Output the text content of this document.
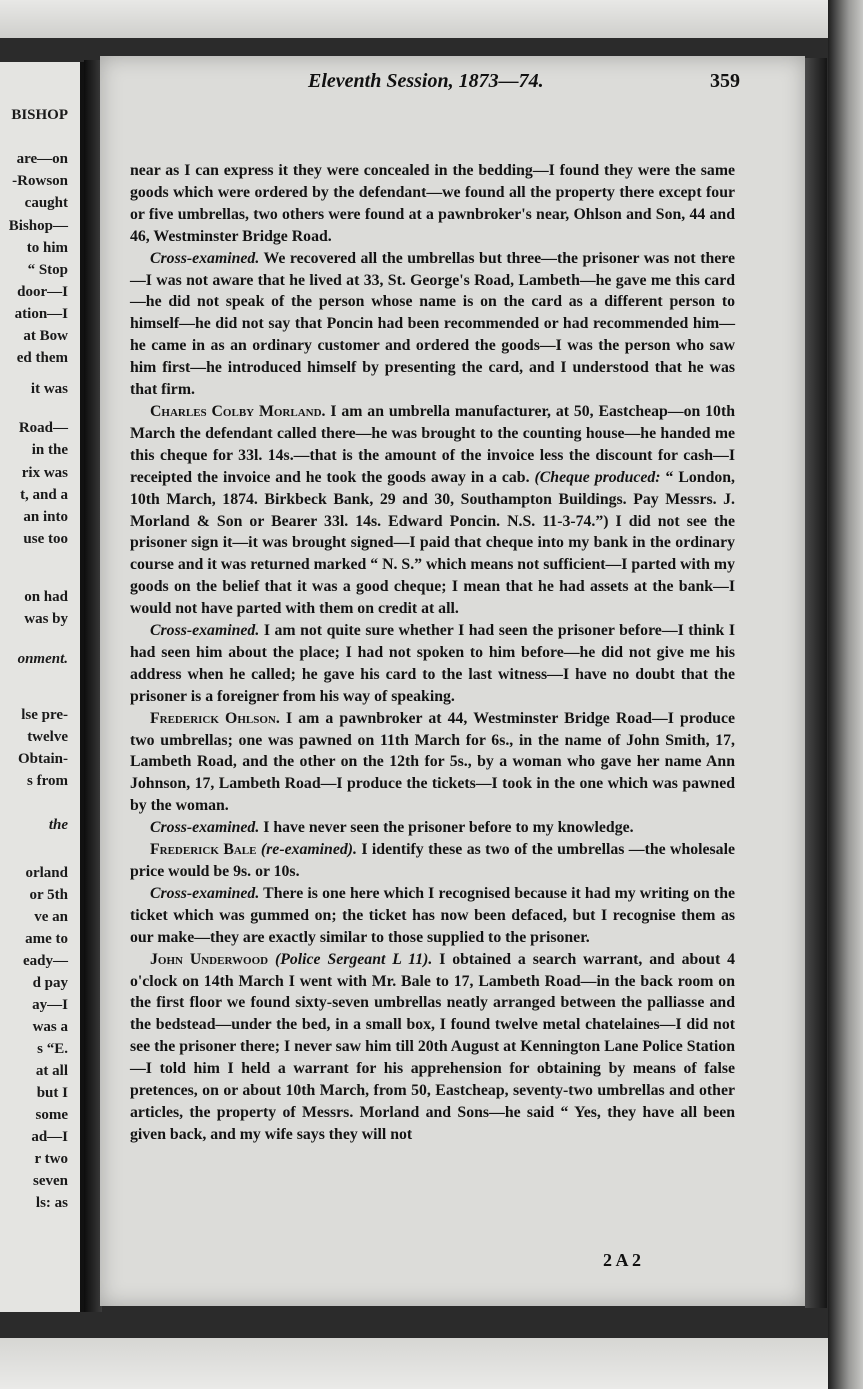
BISHOP
are—on
-Rowson
caught
Bishop—
to him
“ Stop
door—I
ation—I
at Bow
ed them
it was
Road—
in the
rix was
t, and a
an into
use too
on had
was by
onment.
lse pre-
twelve
Obtain-
s from
the
orland
or 5th
ve an
ame to
eady—
d pay
ay—I
was a
s “E.
at all
but I
some
ad—I
r two
seven
ls: as
Eleventh Session, 1873—74.	359

near as I can express it they were concealed in the bedding—I found they were the same goods which were ordered by the defendant—we found all the property there except four or five umbrellas, two others were found at a pawnbroker's near, Ohlson and Son, 44 and 46, Westminster Bridge Road.

Cross-examined. We recovered all the umbrellas but three—the prisoner was not there—I was not aware that he lived at 33, St. George's Road, Lambeth—he gave me this card—he did not speak of the person whose name is on the card as a different person to himself—he did not say that Poncin had been recommended or had recommended him—he came in as an ordinary customer and ordered the goods—I was the person who saw him first—he introduced himself by presenting the card, and I understood that he was that firm.

Charles Colby Morland. I am an umbrella manufacturer, at 50, Eastcheap—on 10th March the defendant called there—he was brought to the counting house—he handed me this cheque for 33l. 14s.—that is the amount of the invoice less the discount for cash—I receipted the invoice and he took the goods away in a cab. (Cheque produced: “ London, 10th March, 1874. Birkbeck Bank, 29 and 30, Southampton Buildings. Pay Messrs. J. Morland & Son or Bearer 33l. 14s. Edward Poncin. N.S. 11-3-74.”) I did not see the prisoner sign it—it was brought signed—I paid that cheque into my bank in the ordinary course and it was returned marked “ N. S.” which means not sufficient—I parted with my goods on the belief that it was a good cheque; I mean that he had assets at the bank—I would not have parted with them on credit at all.

Cross-examined. I am not quite sure whether I had seen the prisoner before—I think I had seen him about the place; I had not spoken to him before—he did not give me his address when he called; he gave his card to the last witness—I have no doubt that the prisoner is a foreigner from his way of speaking.

Frederick Ohlson. I am a pawnbroker at 44, Westminster Bridge Road—I produce two umbrellas; one was pawned on 11th March for 6s., in the name of John Smith, 17, Lambeth Road, and the other on the 12th for 5s., by a woman who gave her name Ann Johnson, 17, Lambeth Road—I produce the tickets—I took in the one which was pawned by the woman.

Cross-examined. I have never seen the prisoner before to my knowledge.

Frederick Bale (re-examined). I identify these as two of the umbrellas —the wholesale price would be 9s. or 10s.

Cross-examined. There is one here which I recognised because it had my writing on the ticket which was gummed on; the ticket has now been defaced, but I recognise them as our make—they are exactly similar to those supplied to the prisoner.

John Underwood (Police Sergeant L 11). I obtained a search warrant, and about 4 o'clock on 14th March I went with Mr. Bale to 17, Lambeth Road—in the back room on the first floor we found sixty-seven umbrellas neatly arranged between the palliasse and the bedstead—under the bed, in a small box, I found twelve metal chatelaines—I did not see the prisoner there; I never saw him till 20th August at Kennington Lane Police Station —I told him I held a warrant for his apprehension for obtaining by means of false pretences, on or about 10th March, from 50, Eastcheap, seventy-two umbrellas and other articles, the property of Messrs. Morland and Sons—he said “ Yes, they have all been given back, and my wife says they will not

2 A 2
